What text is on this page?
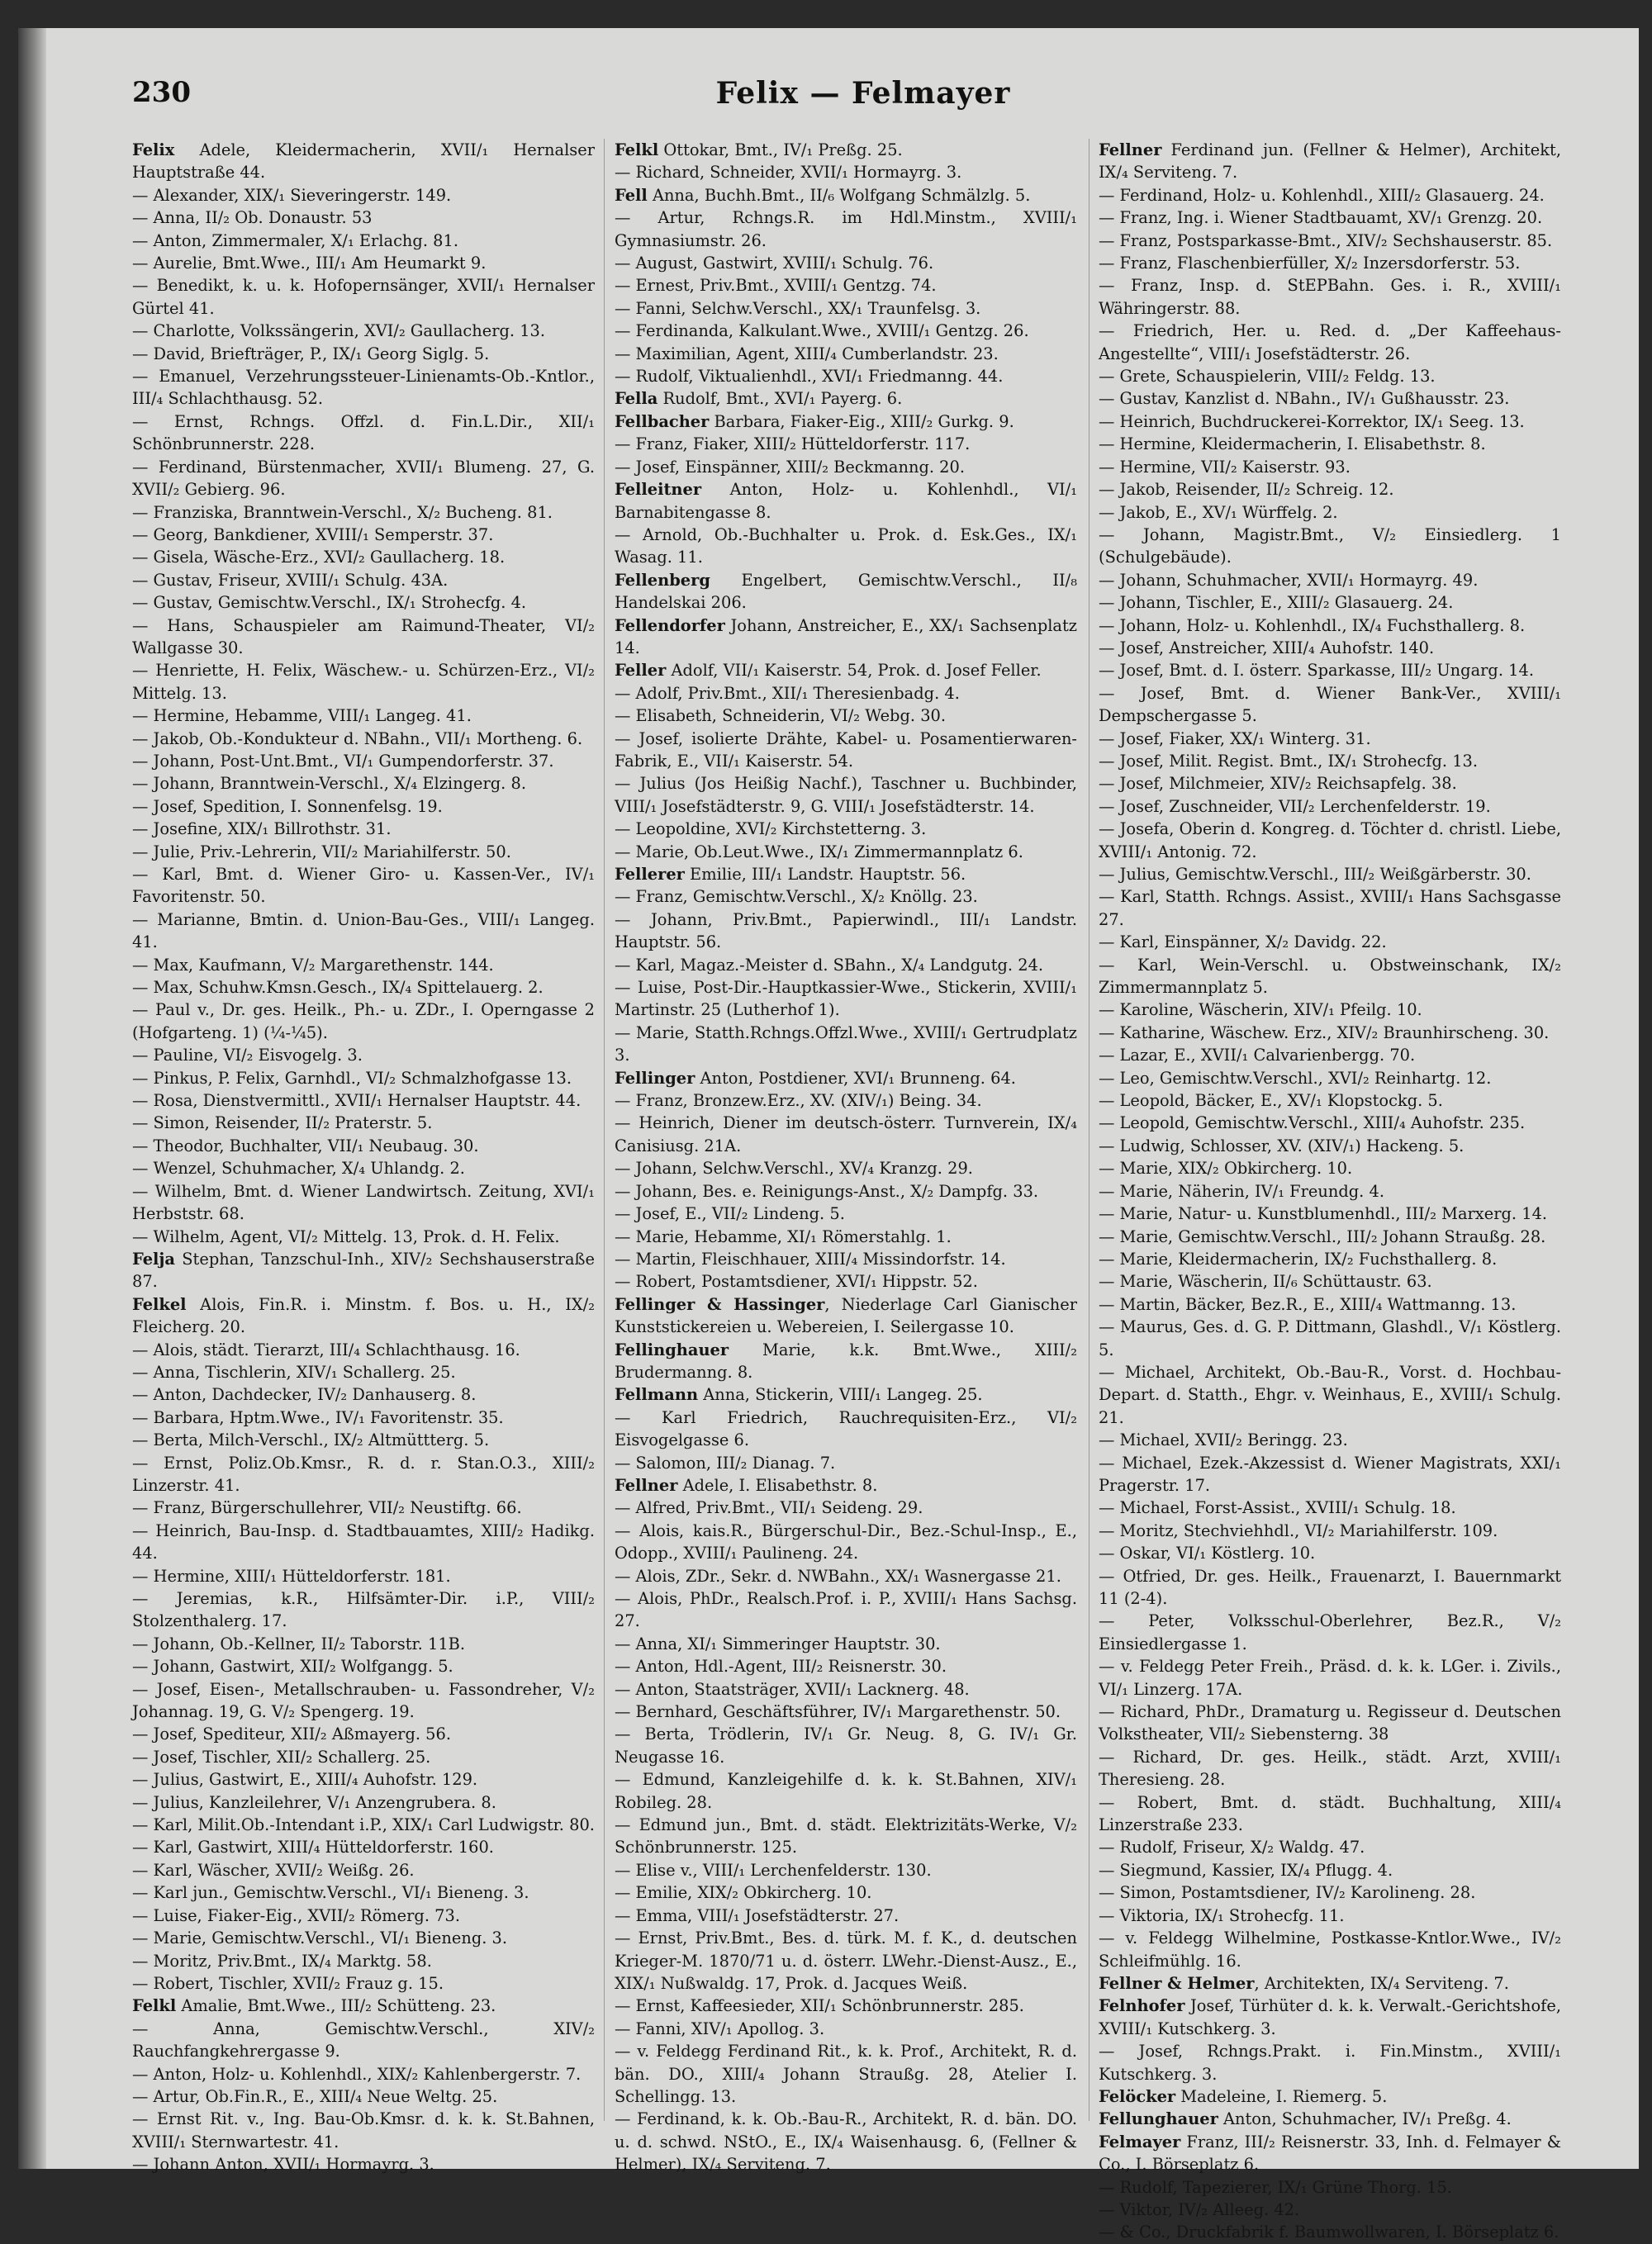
230	Felix — Felmayer

Felix Adele, Kleidermacherin, XVII/₁ Hernalser Hauptstraße 44.

— Alexander, XIX/₁ Sieveringerstr. 149.

— Anna, II/₂ Ob. Donaustr. 53

— Anton, Zimmermaler, X/₁ Erlachg. 81.

— Aurelie, Bmt.Wwe., III/₁ Am Heumarkt 9.

— Benedikt, k. u. k. Hofopernsänger, XVII/₁ Hernalser Gürtel 41.

— Charlotte, Volkssängerin, XVI/₂ Gaullacherg. 13.

— David, Briefträger, P., IX/₁ Georg Siglg. 5.

— Emanuel, Verzehrungssteuer-Linienamts-Ob.-Kntlor., III/₄ Schlachthausg. 52.

— Ernst, Rchngs. Offzl. d. Fin.L.Dir., XII/₁ Schönbrunnerstr. 228.

— Ferdinand, Bürstenmacher, XVII/₁ Blumeng. 27, G. XVII/₂ Gebierg. 96.

— Franziska, Branntwein-Verschl., X/₂ Bucheng. 81.

— Georg, Bankdiener, XVIII/₁ Semperstr. 37.

— Gisela, Wäsche-Erz., XVI/₂ Gaullacherg. 18.

— Gustav, Friseur, XVIII/₁ Schulg. 43A.

— Gustav, Gemischtw.Verschl., IX/₁ Strohecfg. 4.

— Hans, Schauspieler am Raimund-Theater, VI/₂ Wallgasse 30.

— Henriette, H. Felix, Wäschew.- u. Schürzen-Erz., VI/₂ Mittelg. 13.

— Hermine, Hebamme, VIII/₁ Langeg. 41.

— Jakob, Ob.-Kondukteur d. NBahn., VII/₁ Mortheng. 6.

— Johann, Post-Unt.Bmt., VI/₁ Gumpendorferstr. 37.

— Johann, Branntwein-Verschl., X/₄ Elzingerg. 8.

— Josef, Spedition, I. Sonnenfelsg. 19.

— Josefine, XIX/₁ Billrothstr. 31.

— Julie, Priv.-Lehrerin, VII/₂ Mariahilferstr. 50.

— Karl, Bmt. d. Wiener Giro- u. Kassen-Ver., IV/₁ Favoritenstr. 50.

— Marianne, Bmtin. d. Union-Bau-Ges., VIII/₁ Langeg. 41.

— Max, Kaufmann, V/₂ Margarethenstr. 144.

— Max, Schuhw.Kmsn.Gesch., IX/₄ Spittelauerg. 2.

— Paul v., Dr. ges. Heilk., Ph.- u. ZDr., I. Operngasse 2 (Hofgarteng. 1) (¼-¼5).

— Pauline, VI/₂ Eisvogelg. 3.

— Pinkus, P. Felix, Garnhdl., VI/₂ Schmalzhofgasse 13.

— Rosa, Dienstvermittl., XVII/₁ Hernalser Hauptstr. 44.

— Simon, Reisender, II/₂ Praterstr. 5.

— Theodor, Buchhalter, VII/₁ Neubaug. 30.

— Wenzel, Schuhmacher, X/₄ Uhlandg. 2.

— Wilhelm, Bmt. d. Wiener Landwirtsch. Zeitung, XVI/₁ Herbststr. 68.

— Wilhelm, Agent, VI/₂ Mittelg. 13, Prok. d. H. Felix.

Felja Stephan, Tanzschul-Inh., XIV/₂ Sechshauserstraße 87.

Felkel Alois, Fin.R. i. Minstm. f. Bos. u. H., IX/₂ Fleicherg. 20.

— Alois, städt. Tierarzt, III/₄ Schlachthausg. 16.

— Anna, Tischlerin, XIV/₁ Schallerg. 25.

— Anton, Dachdecker, IV/₂ Danhauserg. 8.

— Barbara, Hptm.Wwe., IV/₁ Favoritenstr. 35.

— Berta, Milch-Verschl., IX/₂ Altmüttterg. 5.

— Ernst, Poliz.Ob.Kmsr., R. d. r. Stan.O.3., XIII/₂ Linzerstr. 41.

— Franz, Bürgerschullehrer, VII/₂ Neustiftg. 66.

— Heinrich, Bau-Insp. d. Stadtbauamtes, XIII/₂ Hadikg. 44.

— Hermine, XIII/₁ Hütteldorferstr. 181.

— Jeremias, k.R., Hilfsämter-Dir. i.P., VIII/₂ Stolzenthalerg. 17.

— Johann, Ob.-Kellner, II/₂ Taborstr. 11B.

— Johann, Gastwirt, XII/₂ Wolfgangg. 5.

— Josef, Eisen-, Metallschrauben- u. Fassondreher, V/₂ Johannag. 19, G. V/₂ Spengerg. 19.

— Josef, Spediteur, XII/₂ Aßmayerg. 56.

— Josef, Tischler, XII/₂ Schallerg. 25.

— Julius, Gastwirt, E., XIII/₄ Auhofstr. 129.

— Julius, Kanzleilehrer, V/₁ Anzengrubera. 8.

— Karl, Milit.Ob.-Intendant i.P., XIX/₁ Carl Ludwigstr. 80.

— Karl, Gastwirt, XIII/₄ Hütteldorferstr. 160.

— Karl, Wäscher, XVII/₂ Weißg. 26.

— Karl jun., Gemischtw.Verschl., VI/₁ Bieneng. 3.

— Luise, Fiaker-Eig., XVII/₂ Römerg. 73.

— Marie, Gemischtw.Verschl., VI/₁ Bieneng. 3.

— Moritz, Priv.Bmt., IX/₄ Marktg. 58.

— Robert, Tischler, XVII/₂ Frauz g. 15.

Felkl Amalie, Bmt.Wwe., III/₂ Schütteng. 23.

— Anna, Gemischtw.Verschl., XIV/₂ Rauchfangkehrergasse 9.

— Anton, Holz- u. Kohlenhdl., XIX/₂ Kahlenbergerstr. 7.

— Artur, Ob.Fin.R., E., XIII/₄ Neue Weltg. 25.

— Ernst Rit. v., Ing. Bau-Ob.Kmsr. d. k. k. St.Bahnen, XVIII/₁ Sternwartestr. 41.

— Johann Anton, XVII/₁ Hormayrg. 3.

Felkl Ottokar, Bmt., IV/₁ Preßg. 25.

— Richard, Schneider, XVII/₁ Hormayrg. 3.

Fell Anna, Buchh.Bmt., II/₆ Wolfgang Schmälzlg. 5.

— Artur, Rchngs.R. im Hdl.Minstm., XVIII/₁ Gymnasiumstr. 26.

— August, Gastwirt, XVIII/₁ Schulg. 76.

— Ernest, Priv.Bmt., XVIII/₁ Gentzg. 74.

— Fanni, Selchw.Verschl., XX/₁ Traunfelsg. 3.

— Ferdinanda, Kalkulant.Wwe., XVIII/₁ Gentzg. 26.

— Maximilian, Agent, XIII/₄ Cumberlandstr. 23.

— Rudolf, Viktualienhdl., XVI/₁ Friedmanng. 44.

Fella Rudolf, Bmt., XVI/₁ Payerg. 6.

Fellbacher Barbara, Fiaker-Eig., XIII/₂ Gurkg. 9.

— Franz, Fiaker, XIII/₂ Hütteldorferstr. 117.

— Josef, Einspänner, XIII/₂ Beckmanng. 20.

Felleitner Anton, Holz- u. Kohlenhdl., VI/₁ Barnabitengasse 8.

— Arnold, Ob.-Buchhalter u. Prok. d. Esk.Ges., IX/₁ Wasag. 11.

Fellenberg Engelbert, Gemischtw.Verschl., II/₈ Handelskai 206.

Fellendorfer Johann, Anstreicher, E., XX/₁ Sachsenplatz 14.

Feller Adolf, VII/₁ Kaiserstr. 54, Prok. d. Josef Feller.

— Adolf, Priv.Bmt., XII/₁ Theresienbadg. 4.

— Elisabeth, Schneiderin, VI/₂ Webg. 30.

— Josef, isolierte Drähte, Kabel- u. Posamentierwaren-Fabrik, E., VII/₁ Kaiserstr. 54.

— Julius (Jos Heißig Nachf.), Taschner u. Buchbinder, VIII/₁ Josefstädterstr. 9, G. VIII/₁ Josefstädterstr. 14.

— Leopoldine, XVI/₂ Kirchstetterng. 3.

— Marie, Ob.Leut.Wwe., IX/₁ Zimmermannplatz 6.

Fellerer Emilie, III/₁ Landstr. Hauptstr. 56.

— Franz, Gemischtw.Verschl., X/₂ Knöllg. 23.

— Johann, Priv.Bmt., Papierwindl., III/₁ Landstr. Hauptstr. 56.

— Karl, Magaz.-Meister d. SBahn., X/₄ Landgutg. 24.

— Luise, Post-Dir.-Hauptkassier-Wwe., Stickerin, XVIII/₁ Martinstr. 25 (Lutherhof 1).

— Marie, Statth.Rchngs.Offzl.Wwe., XVIII/₁ Gertrudplatz 3.

Fellinger Anton, Postdiener, XVI/₁ Brunneng. 64.

— Franz, Bronzew.Erz., XV. (XIV/₁) Being. 34.

— Heinrich, Diener im deutsch-österr. Turnverein, IX/₄ Canisiusg. 21A.

— Johann, Selchw.Verschl., XV/₄ Kranzg. 29.

— Johann, Bes. e. Reinigungs-Anst., X/₂ Dampfg. 33.

— Josef, E., VII/₂ Lindeng. 5.

— Marie, Hebamme, XI/₁ Römerstahlg. 1.

— Martin, Fleischhauer, XIII/₄ Missindorfstr. 14.

— Robert, Postamtsdiener, XVI/₁ Hippstr. 52.

Fellinger & Hassinger, Niederlage Carl Gianischer Kunststickereien u. Webereien, I. Seilergasse 10.

Fellinghauer Marie, k.k. Bmt.Wwe., XIII/₂ Brudermanng. 8.

Fellmann Anna, Stickerin, VIII/₁ Langeg. 25.

— Karl Friedrich, Rauchrequisiten-Erz., VI/₂ Eisvogelgasse 6.

— Salomon, III/₂ Dianag. 7.

Fellner Adele, I. Elisabethstr. 8.

— Alfred, Priv.Bmt., VII/₁ Seideng. 29.

— Alois, kais.R., Bürgerschul-Dir., Bez.-Schul-Insp., E., Odopp., XVIII/₁ Paulineng. 24.

— Alois, ZDr., Sekr. d. NWBahn., XX/₁ Wasnergasse 21.

— Alois, PhDr., Realsch.Prof. i. P., XVIII/₁ Hans Sachsg. 27.

— Anna, XI/₁ Simmeringer Hauptstr. 30.

— Anton, Hdl.-Agent, III/₂ Reisnerstr. 30.

— Anton, Staatsträger, XVII/₁ Lacknerg. 48.

— Bernhard, Geschäftsführer, IV/₁ Margarethenstr. 50.

— Berta, Trödlerin, IV/₁ Gr. Neug. 8, G. IV/₁ Gr. Neugasse 16.

— Edmund, Kanzleigehilfe d. k. k. St.Bahnen, XIV/₁ Robileg. 28.

— Edmund jun., Bmt. d. städt. Elektrizitäts-Werke, V/₂ Schönbrunnerstr. 125.

— Elise v., VIII/₁ Lerchenfelderstr. 130.

— Emilie, XIX/₂ Obkircherg. 10.

— Emma, VIII/₁ Josefstädterstr. 27.

— Ernst, Priv.Bmt., Bes. d. türk. M. f. K., d. deutschen Krieger-M. 1870/71 u. d. österr. LWehr.-Dienst-Ausz., E., XIX/₁ Nußwaldg. 17, Prok. d. Jacques Weiß.

— Ernst, Kaffeesieder, XII/₁ Schönbrunnerstr. 285.

— Fanni, XIV/₁ Apollog. 3.

— v. Feldegg Ferdinand Rit., k. k. Prof., Architekt, R. d. bän. DO., XIII/₄ Johann Straußg. 28, Atelier I. Schellingg. 13.

— Ferdinand, k. k. Ob.-Bau-R., Architekt, R. d. bän. DO. u. d. schwd. NStO., E., IX/₄ Waisenhausg. 6, (Fellner & Helmer), IX/₄ Serviteng. 7.

Fellner Ferdinand jun. (Fellner & Helmer), Architekt, IX/₄ Serviteng. 7.

— Ferdinand, Holz- u. Kohlenhdl., XIII/₂ Glasauerg. 24.

— Franz, Ing. i. Wiener Stadtbauamt, XV/₁ Grenzg. 20.

— Franz, Postsparkasse-Bmt., XIV/₂ Sechshauserstr. 85.

— Franz, Flaschenbierfüller, X/₂ Inzersdorferstr. 53.

— Franz, Insp. d. StEPBahn. Ges. i. R., XVIII/₁ Währingerstr. 88.

— Friedrich, Her. u. Red. d. „Der Kaffeehaus-Angestellte“, VIII/₁ Josefstädterstr. 26.

— Grete, Schauspielerin, VIII/₂ Feldg. 13.

— Gustav, Kanzlist d. NBahn., IV/₁ Gußhausstr. 23.

— Heinrich, Buchdruckerei-Korrektor, IX/₁ Seeg. 13.

— Hermine, Kleidermacherin, I. Elisabethstr. 8.

— Hermine, VII/₂ Kaiserstr. 93.

— Jakob, Reisender, II/₂ Schreig. 12.

— Jakob, E., XV/₁ Würffelg. 2.

— Johann, Magistr.Bmt., V/₂ Einsiedlerg. 1 (Schulgebäude).

— Johann, Schuhmacher, XVII/₁ Hormayrg. 49.

— Johann, Tischler, E., XIII/₂ Glasauerg. 24.

— Johann, Holz- u. Kohlenhdl., IX/₄ Fuchsthallerg. 8.

— Josef, Anstreicher, XIII/₄ Auhofstr. 140.

— Josef, Bmt. d. I. österr. Sparkasse, III/₂ Ungarg. 14.

— Josef, Bmt. d. Wiener Bank-Ver., XVIII/₁ Dempschergasse 5.

— Josef, Fiaker, XX/₁ Winterg. 31.

— Josef, Milit. Regist. Bmt., IX/₁ Strohecfg. 13.

— Josef, Milchmeier, XIV/₂ Reichsapfelg. 38.

— Josef, Zuschneider, VII/₂ Lerchenfelderstr. 19.

— Josefa, Oberin d. Kongreg. d. Töchter d. christl. Liebe, XVIII/₁ Antonig. 72.

— Julius, Gemischtw.Verschl., III/₂ Weißgärberstr. 30.

— Karl, Statth. Rchngs. Assist., XVIII/₁ Hans Sachsgasse 27.

— Karl, Einspänner, X/₂ Davidg. 22.

— Karl, Wein-Verschl. u. Obstweinschank, IX/₂ Zimmermannplatz 5.

— Karoline, Wäscherin, XIV/₁ Pfeilg. 10.

— Katharine, Wäschew. Erz., XIV/₂ Braunhirscheng. 30.

— Lazar, E., XVII/₁ Calvarienbergg. 70.

— Leo, Gemischtw.Verschl., XVI/₂ Reinhartg. 12.

— Leopold, Bäcker, E., XV/₁ Klopstockg. 5.

— Leopold, Gemischtw.Verschl., XIII/₄ Auhofstr. 235.

— Ludwig, Schlosser, XV. (XIV/₁) Hackeng. 5.

— Marie, XIX/₂ Obkircherg. 10.

— Marie, Näherin, IV/₁ Freundg. 4.

— Marie, Natur- u. Kunstblumenhdl., III/₂ Marxerg. 14.

— Marie, Gemischtw.Verschl., III/₂ Johann Straußg. 28.

— Marie, Kleidermacherin, IX/₂ Fuchsthallerg. 8.

— Marie, Wäscherin, II/₆ Schüttaustr. 63.

— Martin, Bäcker, Bez.R., E., XIII/₄ Wattmanng. 13.

— Maurus, Ges. d. G. P. Dittmann, Glashdl., V/₁ Köstlerg. 5.

— Michael, Architekt, Ob.-Bau-R., Vorst. d. Hochbau-Depart. d. Statth., Ehgr. v. Weinhaus, E., XVIII/₁ Schulg. 21.

— Michael, XVII/₂ Beringg. 23.

— Michael, Ezek.-Akzessist d. Wiener Magistrats, XXI/₁ Pragerstr. 17.

— Michael, Forst-Assist., XVIII/₁ Schulg. 18.

— Moritz, Stechviehhdl., VI/₂ Mariahilferstr. 109.

— Oskar, VI/₁ Köstlerg. 10.

— Otfried, Dr. ges. Heilk., Frauenarzt, I. Bauernmarkt 11 (2-4).

— Peter, Volksschul-Oberlehrer, Bez.R., V/₂ Einsiedlergasse 1.

— v. Feldegg Peter Freih., Präsd. d. k. k. LGer. i. Zivils., VI/₁ Linzerg. 17A.

— Richard, PhDr., Dramaturg u. Regisseur d. Deutschen Volkstheater, VII/₂ Siebensterng. 38

— Richard, Dr. ges. Heilk., städt. Arzt, XVIII/₁ Theresieng. 28.

— Robert, Bmt. d. städt. Buchhaltung, XIII/₄ Linzerstraße 233.

— Rudolf, Friseur, X/₂ Waldg. 47.

— Siegmund, Kassier, IX/₄ Pflugg. 4.

— Simon, Postamtsdiener, IV/₂ Karolineng. 28.

— Viktoria, IX/₁ Strohecfg. 11.

— v. Feldegg Wilhelmine, Postkasse-Kntlor.Wwe., IV/₂ Schleifmühlg. 16.

Fellner & Helmer, Architekten, IX/₄ Serviteng. 7.

Felnhofer Josef, Türhüter d. k. k. Verwalt.-Gerichtshofe, XVIII/₁ Kutschkerg. 3.

— Josef, Rchngs.Prakt. i. Fin.Minstm., XVIII/₁ Kutschkerg. 3.

Felöcker Madeleine, I. Riemerg. 5.

Fellunghauer Anton, Schuhmacher, IV/₁ Preßg. 4.

Felmayer Franz, III/₂ Reisnerstr. 33, Inh. d. Felmayer & Co., I. Börseplatz 6.

— Rudolf, Tapezierer, IX/₁ Grüne Thorg. 15.

— Viktor, IV/₂ Alleeg. 42.

— & Co., Druckfabrik f. Baumwollwaren, I. Börseplatz 6.
